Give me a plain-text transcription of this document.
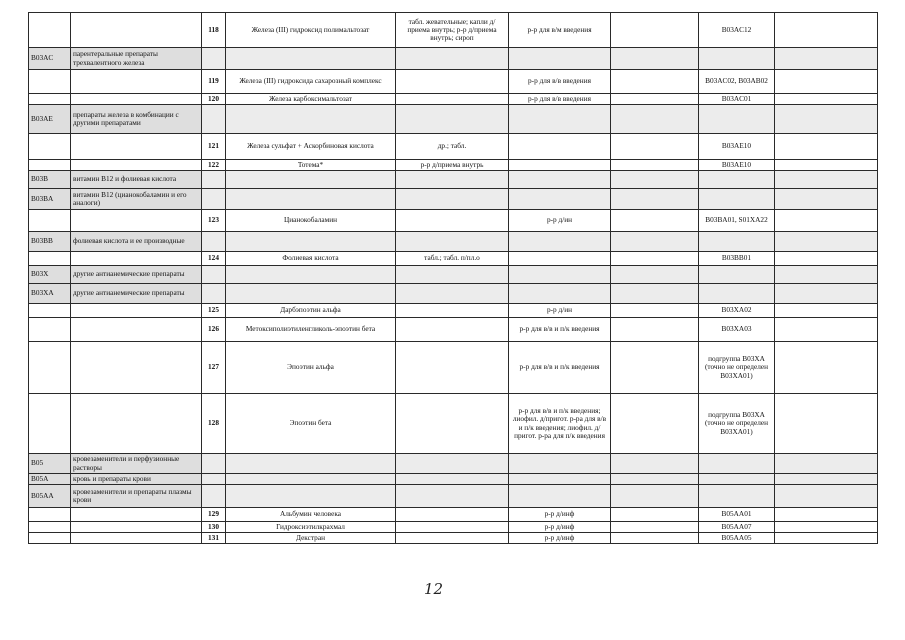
		118	Железа (III) гидроксид полимальтозат	табл. жевательные; капли д/приема внутрь; р-р д/приема внутрь; сироп	р-р для в/м введения		B03AC12	
B03AC	парентеральные препараты трехвалентного железа							
		119	Железа (III) гидроксида сахарозный комплекс		р-р для в/в введения		B03AC02, B03AB02	
		120	Железа карбоксимальтозат		р-р для в/в введения		B03AC01	
B03AE	препараты железа в комбинации с другими препаратами							
		121	Железа сульфат + Аскорбиновая кислота	др.; табл.			B03AE10	
		122	Тотема*	р-р д/приема внутрь			B03AE10	
B03B	витамин B12 и фолиевая кислота							
B03BA	витамин B12 (цианокобаламин и его аналоги)							
		123	Цианокобаламин		р-р д/ин		B03BA01, S01XA22	
B03BB	фолиевая кислота и ее производные							
		124	Фолиевая кислота	табл.; табл. п/пл.о			B03BB01	
B03X	другие антианемические препараты							
B03XA	другие антианемические препараты							
		125	Дарбэпоэтин альфа		р-р д/ин		B03XA02	
		126	Метоксиполиэтиленгликоль-эпоэтин бета		р-р для в/в и п/к введения		B03XA03	
		127	Эпоэтин альфа		р-р для в/в и п/к введения		подгруппа B03XA (точно не определен B03XA01)	
		128	Эпоэтин бета		р-р для в/в и п/к введения; лиофил. д/пригот. р-ра для в/в и п/к введения; лиофил. д/пригот. р-ра для п/к введения		подгруппа B03XA (точно не определен B03XA01)	
B05	кровезаменители и перфузионные растворы							
B05A	кровь и препараты крови							
B05AA	кровезаменители и препараты плазмы крови							
		129	Альбумин человека		р-р д/инф		B05AA01	
		130	Гидроксиэтилкрахмал		р-р д/инф		B05AA07	
		131	Декстран		р-р д/инф		B05AA05	
12
